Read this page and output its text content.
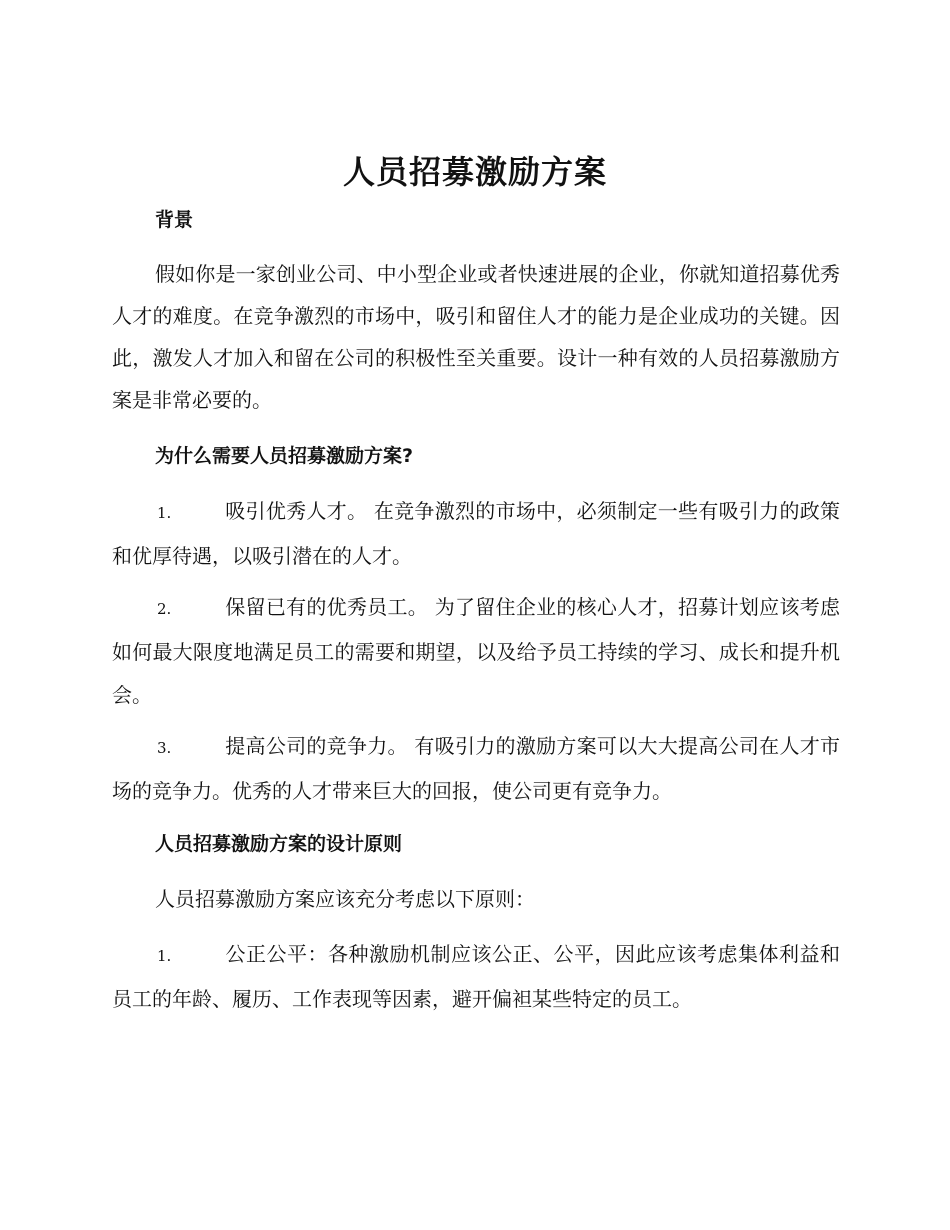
人员招募激励方案
背景

假如你是一家创业公司、中小型企业或者快速进展的企业，你就知道招募优秀人才的难度。在竞争激烈的市场中，吸引和留住人才的能力是企业成功的关键。因此，激发人才加入和留在公司的积极性至关重要。设计一种有效的人员招募激励方案是非常必要的。

为什么需要人员招募激励方案?

1.	吸引优秀人才。 在竞争激烈的市场中，必须制定一些有吸引力的政策和优厚待遇，以吸引潜在的人才。

2.	保留已有的优秀员工。 为了留住企业的核心人才，招募计划应该考虑如何最大限度地满足员工的需要和期望，以及给予员工持续的学习、成长和提升机会。

3.	提高公司的竞争力。 有吸引力的激励方案可以大大提高公司在人才市场的竞争力。优秀的人才带来巨大的回报，使公司更有竞争力。

人员招募激励方案的设计原则

人员招募激励方案应该充分考虑以下原则：

1.	公正公平：各种激励机制应该公正、公平，因此应该考虑集体利益和员工的年龄、履历、工作表现等因素，避开偏袒某些特定的员工。
